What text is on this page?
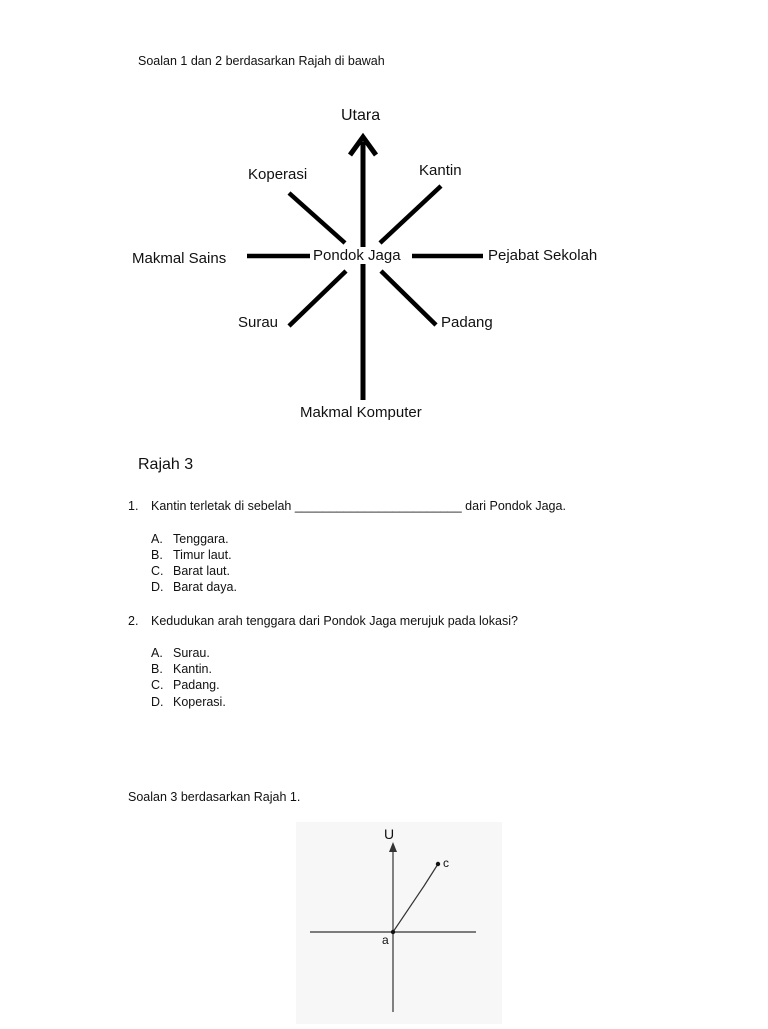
Soalan 1 dan 2 berdasarkan Rajah di bawah
Utara
Koperasi	Kantin
Makmal Sains	Pondok Jaga	Pejabat Sekolah
Surau	Padang
Makmal Komputer
Rajah 3
1. Kantin terletak di sebelah ________________________ dari Pondok Jaga.
A. Tenggara.
B. Timur laut.
C. Barat laut.
D. Barat daya.
2. Kedudukan arah tenggara dari Pondok Jaga merujuk pada lokasi?
A. Surau.
B. Kantin.
C. Padang.
D. Koperasi.
Soalan 3 berdasarkan Rajah 1.
U
c
a
